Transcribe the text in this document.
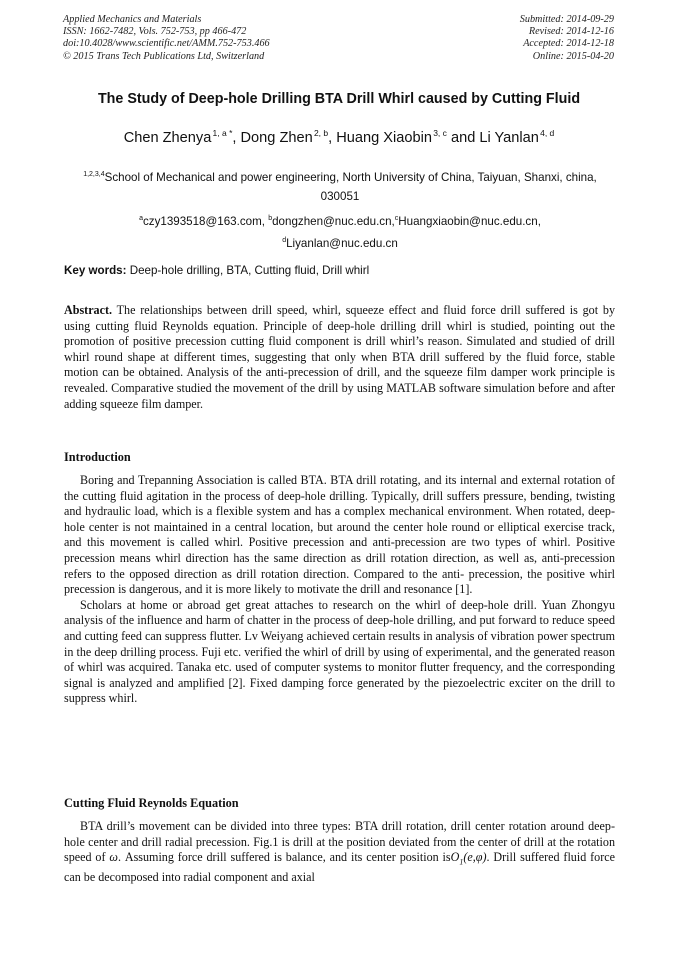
Applied Mechanics and Materials
ISSN: 1662-7482, Vols. 752-753, pp 466-472
doi:10.4028/www.scientific.net/AMM.752-753.466
© 2015 Trans Tech Publications Ltd, Switzerland
Submitted: 2014-09-29
Revised: 2014-12-16
Accepted: 2014-12-18
Online: 2015-04-20
The Study of Deep-hole Drilling BTA Drill Whirl caused by Cutting Fluid
Chen Zhenya $^{1, a *}$, Dong Zhen $^{2, b}$, Huang Xiaobin $^{3, c}$ and Li Yanlan $^{4, d}$
$^{1,2,3,4}$School of Mechanical and power engineering, North University of China, Taiyuan, Shanxi, china, 030051
$^a$czy1393518@163.com, $^b$dongzhen@nuc.edu.cn,$^c$Huangxiaobin@nuc.edu.cn,
$^d$Liyanlan@nuc.edu.cn
Key words: Deep-hole drilling, BTA, Cutting fluid, Drill whirl

Abstract. The relationships between drill speed, whirl, squeeze effect and fluid force drill suffered is got by using cutting fluid Reynolds equation. Principle of deep-hole drilling drill whirl is studied, pointing out the promotion of positive precession cutting fluid component is drill whirl’s reason. Simulated and studied of drill whirl round shape at different times, suggesting that only when BTA drill suffered by the fluid force, stable motion can be obtained. Analysis of the anti-precession of drill, and the squeeze film damper work principle is revealed. Comparative studied the movement of the drill by using MATLAB software simulation before and after adding squeeze film damper.

Introduction

Boring and Trepanning Association is called BTA. BTA drill rotating, and its internal and external rotation of the cutting fluid agitation in the process of deep-hole drilling. Typically, drill suffers pressure, bending, twisting and hydraulic load, which is a flexible system and has a complex mechanical environment. When rotated, deep-hole center is not maintained in a central location, but around the center hole round or elliptical exercise track, and this movement is called whirl. Positive precession and anti-precession are two types of whirl. Positive precession means whirl direction has the same direction as drill rotation direction, as well as, anti-precession refers to the opposed direction as drill rotation direction. Compared to the anti- precession, the positive whirl precession is dangerous, and it is more likely to motivate the drill and resonance [1].

Scholars at home or abroad get great attaches to research on the whirl of deep-hole drill. Yuan Zhongyu analysis of the influence and harm of chatter in the process of deep-hole drilling, and put forward to reduce speed and cutting feed can suppress flutter. Lv Weiyang achieved certain results in analysis of vibration power spectrum in the deep drilling process. Fuji etc. verified the whirl of drill by using of experimental, and the generated reason of whirl was acquired. Tanaka etc. used of computer systems to monitor flutter frequency, and the corresponding signal is analyzed and amplified [2]. Fixed damping force generated by the piezoelectric exciter on the drill to suppress whirl.

Cutting Fluid Reynolds Equation

BTA drill’s movement can be divided into three types: BTA drill rotation, drill center rotation around deep-hole center and drill radial precession. Fig.1 is drill at the position deviated from the center of drill at the rotation speed of ω. Assuming force drill suffered is balance, and its center position isO$_1$(e,φ). Drill suffered fluid force can be decomposed into radial component and axial
